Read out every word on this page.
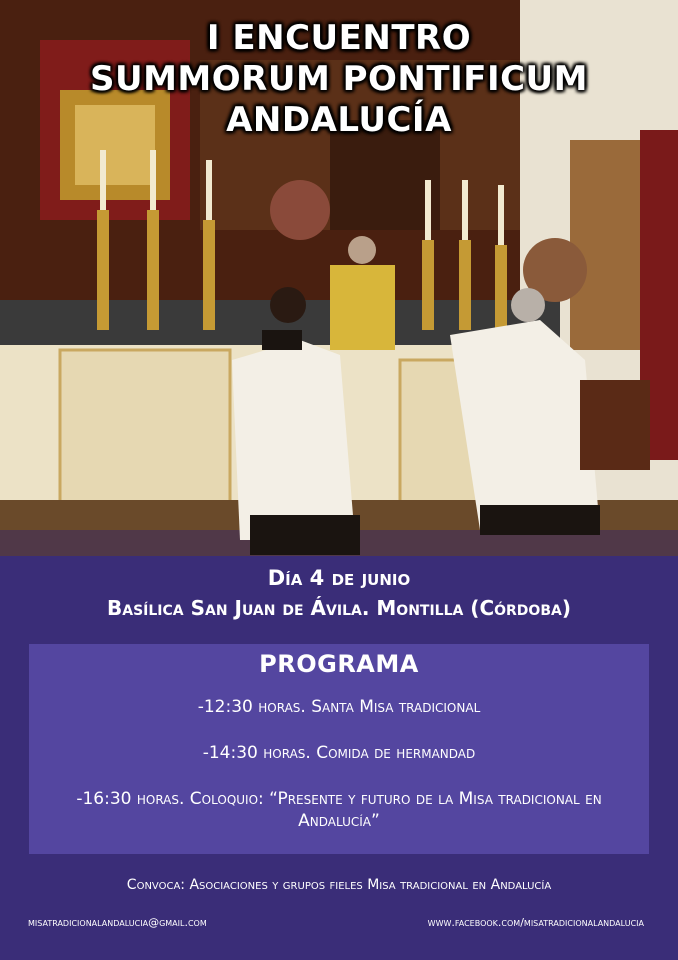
I ENCUENTRO
SUMMORUM PONTIFICUM
ANDALUCÍA
Día 4 de junio
Basílica San Juan de Ávila. Montilla (Córdoba)
PROGRAMA
-12:30 horas. Santa Misa tradicional
-14:30 horas. Comida de hermandad
-16:30 horas. Coloquio: “Presente y futuro de la Misa tradicional en Andalucía”
Convoca: Asociaciones y grupos fieles Misa tradicional en Andalucía
misatradicionalandalucia@gmail.com	www.facebook.com/misatradicionalandalucia
